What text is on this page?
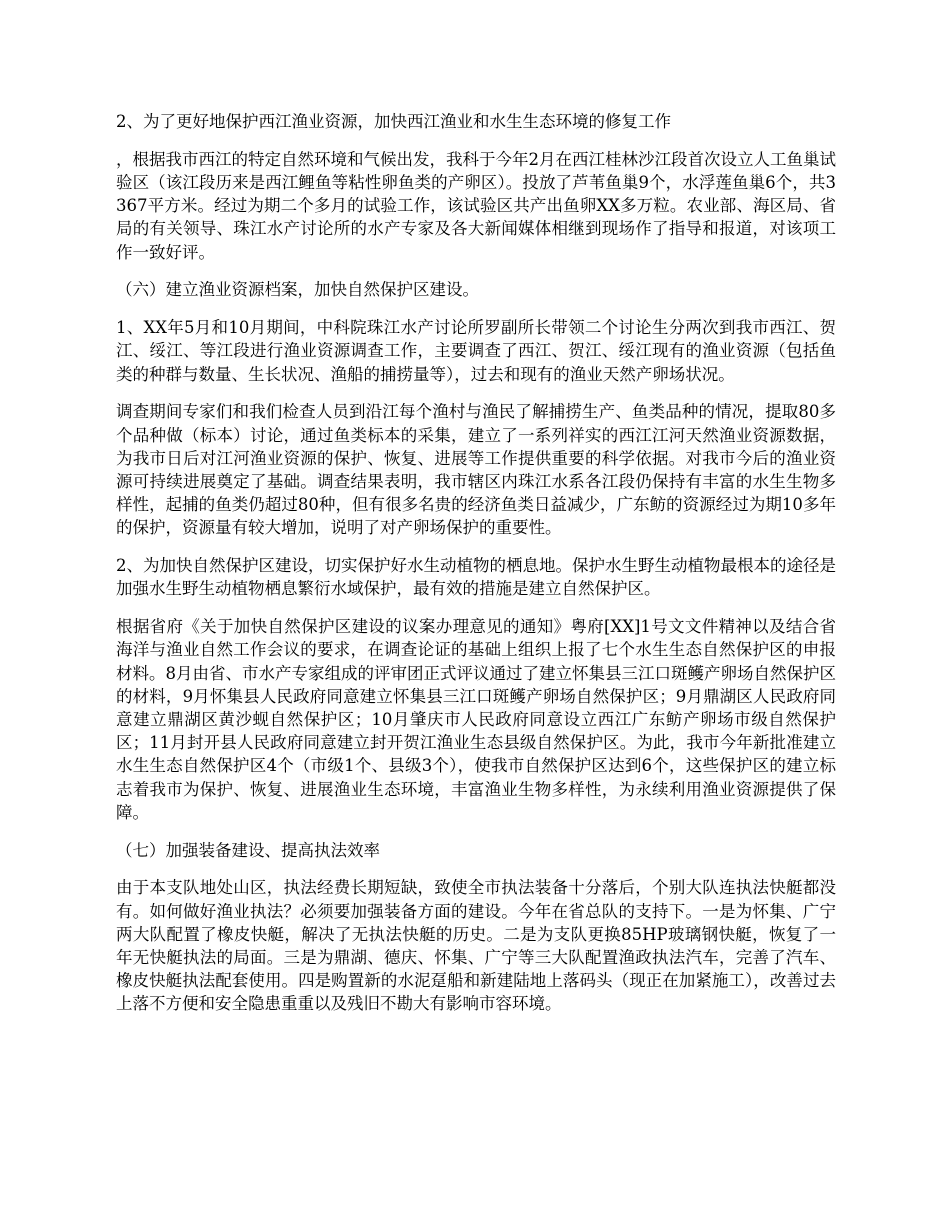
2、为了更好地保护西江渔业资源，加快西江渔业和水生生态环境的修复工作

，根据我市西江的特定自然环境和气候出发，我科于今年2月在西江桂林沙江段首次设立人工鱼巢试验区（该江段历来是西江鲤鱼等粘性卵鱼类的产卵区）。投放了芦苇鱼巢9个，水浮莲鱼巢6个，共3367平方米。经过为期二个多月的试验工作，该试验区共产出鱼卵XX多万粒。农业部、海区局、省局的有关领导、珠江水产讨论所的水产专家及各大新闻媒体相继到现场作了指导和报道，对该项工作一致好评。

（六）建立渔业资源档案，加快自然保护区建设。

1、XX年5月和10月期间，中科院珠江水产讨论所罗副所长带领二个讨论生分两次到我市西江、贺江、绥江、等江段进行渔业资源调查工作，主要调查了西江、贺江、绥江现有的渔业资源（包括鱼类的种群与数量、生长状况、渔船的捕捞量等），过去和现有的渔业天然产卵场状况。

调查期间专家们和我们检查人员到沿江每个渔村与渔民了解捕捞生产、鱼类品种的情况，提取80多个品种做（标本）讨论，通过鱼类标本的采集，建立了一系列祥实的西江江河天然渔业资源数据，为我市日后对江河渔业资源的保护、恢复、进展等工作提供重要的科学依据。对我市今后的渔业资源可持续进展奠定了基础。调查结果表明，我市辖区内珠江水系各江段仍保持有丰富的水生生物多样性，起捕的鱼类仍超过80种，但有很多名贵的经济鱼类日益减少，广东鲂的资源经过为期10多年的保护，资源量有较大增加，说明了对产卵场保护的重要性。

2、为加快自然保护区建设，切实保护好水生动植物的栖息地。保护水生野生动植物最根本的途径是加强水生野生动植物栖息繁衍水域保护，最有效的措施是建立自然保护区。

根据省府《关于加快自然保护区建设的议案办理意见的通知》粤府[XX]1号文文件精神以及结合省海洋与渔业自然工作会议的要求，在调查论证的基础上组织上报了七个水生生态自然保护区的申报材料。8月由省、市水产专家组成的评审团正式评议通过了建立怀集县三江口斑鳠产卵场自然保护区的材料，9月怀集县人民政府同意建立怀集县三江口斑鳠产卵场自然保护区；9月鼎湖区人民政府同意建立鼎湖区黄沙蚬自然保护区；10月肇庆市人民政府同意设立西江广东鲂产卵场市级自然保护区；11月封开县人民政府同意建立封开贺江渔业生态县级自然保护区。为此，我市今年新批准建立水生生态自然保护区4个（市级1个、县级3个），使我市自然保护区达到6个，这些保护区的建立标志着我市为保护、恢复、进展渔业生态环境，丰富渔业生物多样性，为永续利用渔业资源提供了保障。

（七）加强装备建设、提高执法效率

由于本支队地处山区，执法经费长期短缺，致使全市执法装备十分落后，个别大队连执法快艇都没有。如何做好渔业执法？必须要加强装备方面的建设。今年在省总队的支持下。一是为怀集、广宁两大队配置了橡皮快艇，解决了无执法快艇的历史。二是为支队更换85HP玻璃钢快艇，恢复了一年无快艇执法的局面。三是为鼎湖、德庆、怀集、广宁等三大队配置渔政执法汽车，完善了汽车、橡皮快艇执法配套使用。四是购置新的水泥趸船和新建陆地上落码头（现正在加紧施工），改善过去上落不方便和安全隐患重重以及残旧不勘大有影响市容环境。
